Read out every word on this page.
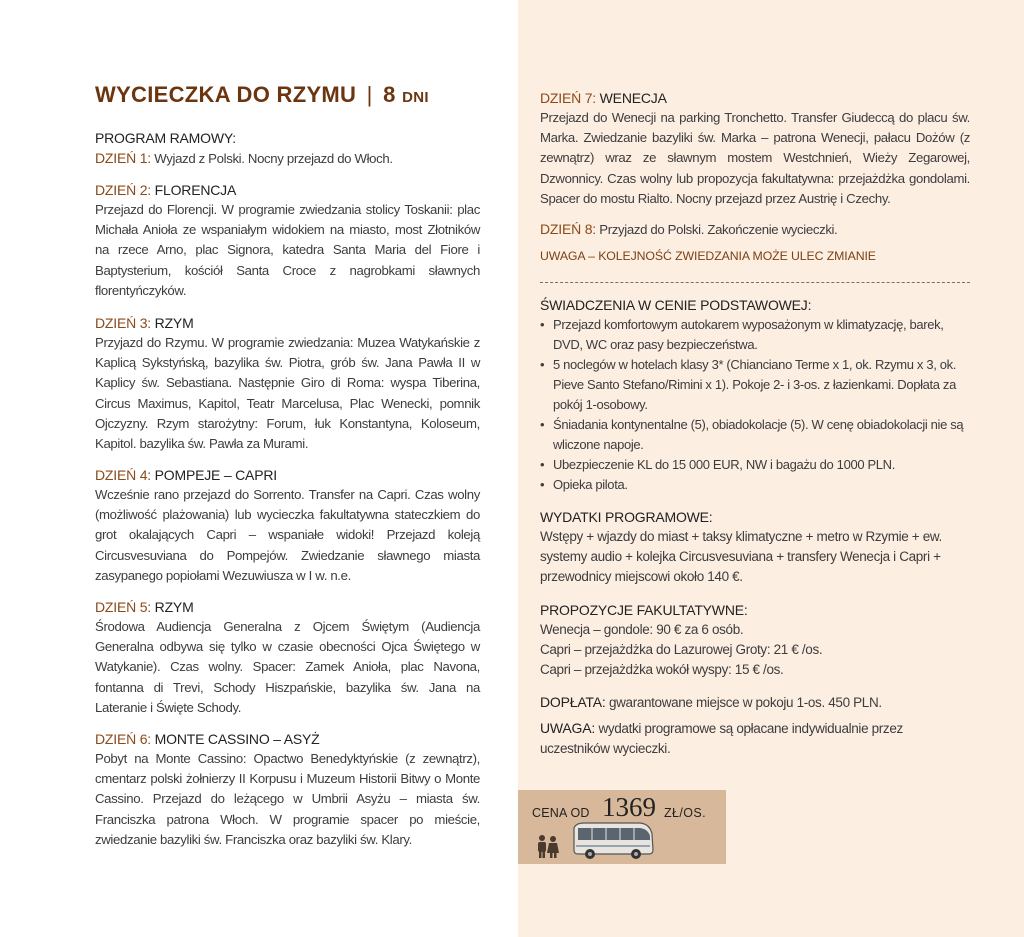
WYCIECZKA DO RZYMU | 8 DNI
PROGRAM RAMOWY:
DZIEŃ 1: Wyjazd z Polski. Nocny przejazd do Włoch.
DZIEŃ 2: FLORENCJA
Przejazd do Florencji. W programie zwiedzania stolicy Toskanii: plac Michała Anioła ze wspaniałym widokiem na miasto, most Złotników na rzece Arno, plac Signora, katedra Santa Maria del Fiore i Baptysterium, kościół Santa Croce z nagrobkami sławnych florentyńczyków.
DZIEŃ 3: RZYM
Przyjazd do Rzymu. W programie zwiedzania: Muzea Watykańskie z Kaplicą Sykstyńską, bazylika św. Piotra, grób św. Jana Pawła II w Kaplicy św. Sebastiana. Następnie Giro di Roma: wyspa Tiberina, Circus Maximus, Kapitol, Teatr Marcelusa, Plac Wenecki, pomnik Ojczyzny. Rzym starożytny: Forum, łuk Konstantyna, Koloseum, Kapitol. bazylika św. Pawła za Murami.
DZIEŃ 4: POMPEJE – CAPRI
Wcześnie rano przejazd do Sorrento. Transfer na Capri. Czas wolny (możliwość plażowania) lub wycieczka fakultatywna stateczkiem do grot okalających Capri – wspaniałe widoki! Przejazd koleją Circusvesuviana do Pompejów. Zwiedzanie sławnego miasta zasypanego popiołami Wezuwiusza w I w. n.e.
DZIEŃ 5: RZYM
Środowa Audiencja Generalna z Ojcem Świętym (Audiencja Generalna odbywa się tylko w czasie obecności Ojca Świętego w Watykanie). Czas wolny. Spacer: Zamek Anioła, plac Navona, fontanna di Trevi, Schody Hiszpańskie, bazylika św. Jana na Lateranie i Święte Schody.
DZIEŃ 6: MONTE CASSINO – ASYŻ
Pobyt na Monte Cassino: Opactwo Benedyktyńskie (z zewnątrz), cmentarz polski żołnierzy II Korpusu i Muzeum Historii Bitwy o Monte Cassino. Przejazd do leżącego w Umbrii Asyżu – miasta św. Franciszka patrona Włoch. W programie spacer po mieście, zwiedzanie bazyliki św. Franciszka oraz bazyliki św. Klary.
DZIEŃ 7: WENECJA
Przejazd do Wenecji na parking Tronchetto. Transfer Giudeccą do placu św. Marka. Zwiedzanie bazyliki św. Marka – patrona Wenecji, pałacu Dożów (z zewnątrz) wraz ze sławnym mostem Westchnień, Wieży Zegarowej, Dzwonnicy. Czas wolny lub propozycja fakultatywna: przejażdżka gondolami. Spacer do mostu Rialto. Nocny przejazd przez Austrię i Czechy.
DZIEŃ 8: Przyjazd do Polski. Zakończenie wycieczki.
UWAGA – KOLEJNOŚĆ ZWIEDZANIA MOŻE ULEC ZMIANIE
ŚWIADCZENIA W CENIE PODSTAWOWEJ:
• Przejazd komfortowym autokarem wyposażonym w klimatyzację, barek, DVD, WC oraz pasy bezpieczeństwa.
• 5 noclegów w hotelach klasy 3* (Chianciano Terme x 1, ok. Rzymu x 3, ok. Pieve Santo Stefano/Rimini x 1). Pokoje 2- i 3-os. z łazienkami. Dopłata za pokój 1-osobowy.
• Śniadania kontynentalne (5), obiadokolacje (5). W cenę obiadokolacji nie są wliczone napoje.
• Ubezpieczenie KL do 15 000 EUR, NW i bagażu do 1000 PLN.
• Opieka pilota.
WYDATKI PROGRAMOWE:
Wstępy + wjazdy do miast + taksy klimatyczne + metro w Rzymie + ew. systemy audio + kolejka Circusvesuviana + transfery Wenecja i Capri + przewodnicy miejscowi około 140 €.
PROPOZYCJE FAKULTATYWNE:
Wenecja – gondole: 90 € za 6 osób.
Capri – przejażdżka do Lazurowej Groty: 21 € /os.
Capri – przejażdżka wokół wyspy: 15 € /os.
DOPŁATA: gwarantowane miejsce w pokoju 1-os. 450 PLN.
UWAGA: wydatki programowe są opłacane indywidualnie przez uczestników wycieczki.
CENA OD 1369 ZŁ/OS.
